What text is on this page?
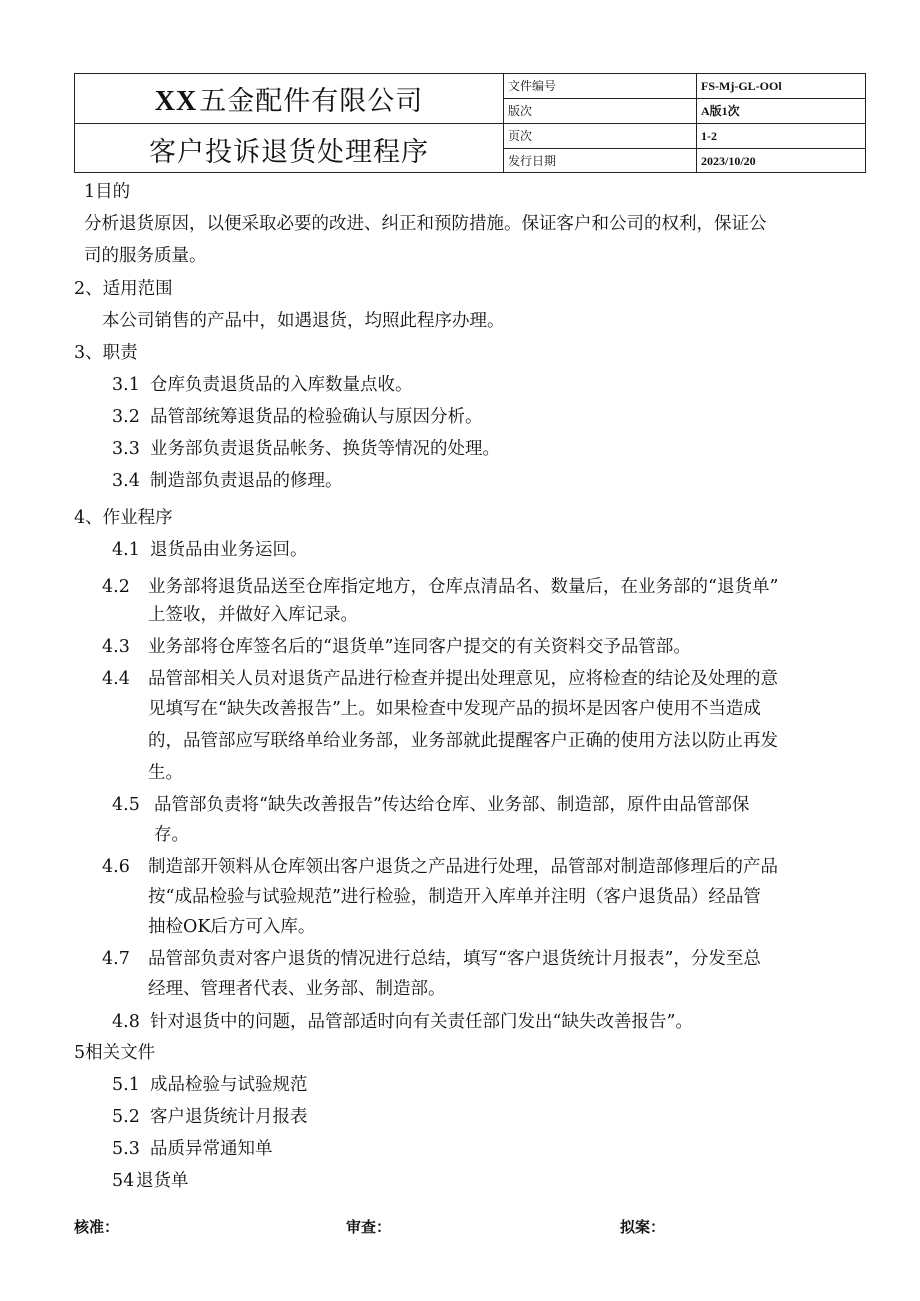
XX五金配件有限公司
客户投诉退货处理程序
文件编号
版次
页次
发行日期
FS-Mj-GL-OOl
A版1次
1-2
2023/10/20
1目的
分析退货原因，以便采取必要的改进、纠正和预防措施。保证客户和公司的权利，保证公
司的服务质量。
2、适用范围
本公司销售的产品中，如遇退货，均照此程序办理。
3、职责
3.1 仓库负责退货品的入库数量点收。
3.2 品管部统筹退货品的检验确认与原因分析。
3.3 业务部负责退货品帐务、换货等情况的处理。
3.4 制造部负责退品的修理。
4、作业程序
4.1 退货品由业务运回。
4.2 业务部将退货品送至仓库指定地方，仓库点清品名、数量后，在业务部的“退货单”
上签收，并做好入库记录。
4.3 业务部将仓库签名后的“退货单”连同客户提交的有关资料交予品管部。
4.4 品管部相关人员对退货产品进行检查并提出处理意见，应将检查的结论及处理的意
见填写在“缺失改善报告”上。如果检查中发现产品的损坏是因客户使用不当造成
的，品管部应写联络单给业务部，业务部就此提醒客户正确的使用方法以防止再发
生。
4.5 品管部负责将“缺失改善报告”传达给仓库、业务部、制造部，原件由品管部保
存。
4.6 制造部开领料从仓库领出客户退货之产品进行处理，品管部对制造部修理后的产品
按“成品检验与试验规范”进行检验，制造开入库单并注明（客户退货品）经品管
抽检OK后方可入库。
4.7 品管部负责对客户退货的情况进行总结，填写“客户退货统计月报表”，分发至总
经理、管理者代表、业务部、制造部。
4.8 针对退货中的问题，品管部适时向有关责任部门发出“缺失改善报告”。
5相关文件
5.1 成品检验与试验规范
5.2 客户退货统计月报表
5.3 品质异常通知单
54退货单
核准：	审查：	拟案：
